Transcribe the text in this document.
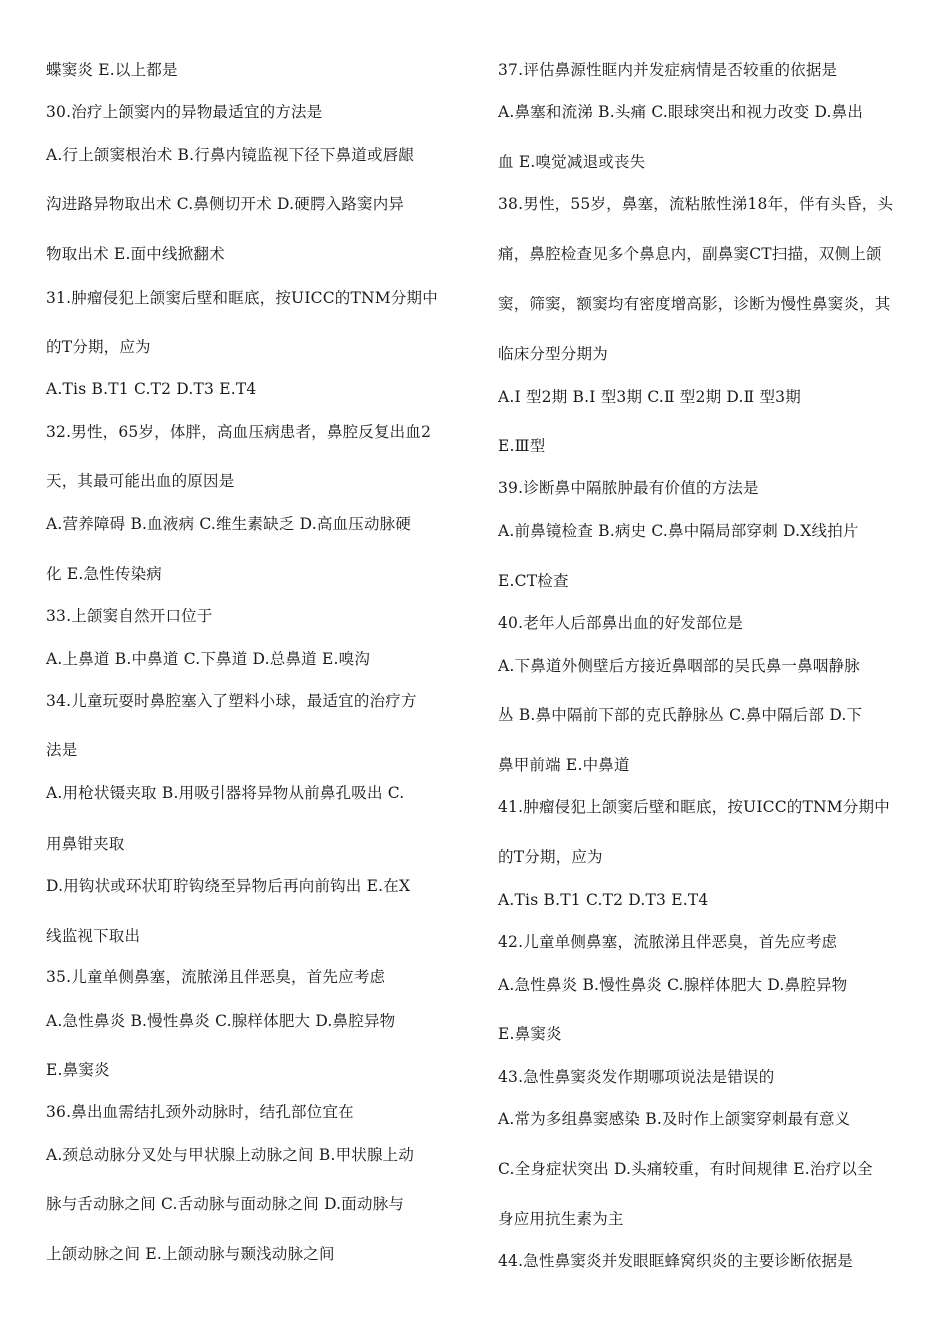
蝶窦炎 E.以上都是
30.治疗上颌窦内的异物最适宜的方法是
A.行上颌窦根治术 B.行鼻内镜监视下径下鼻道或唇龈
沟进路异物取出术 C.鼻侧切开术 D.硬腭入路窦内异
物取出术 E.面中线掀翻术
31.肿瘤侵犯上颌窦后壁和眶底，按UICC的TNM分期中
的T分期，应为
A.Tis B.T1 C.T2 D.T3 E.T4
32.男性，65岁，体胖，高血压病患者，鼻腔反复出血2
天，其最可能出血的原因是
A.营养障碍 B.血液病 C.维生素缺乏 D.高血压动脉硬
化 E.急性传染病
33.上颌窦自然开口位于
A.上鼻道 B.中鼻道 C.下鼻道 D.总鼻道 E.嗅沟
34.儿童玩耍时鼻腔塞入了塑料小球，最适宜的治疗方
法是
A.用枪状镊夹取 B.用吸引器将异物从前鼻孔吸出 C.
用鼻钳夹取
D.用钩状或环状耵聍钩绕至异物后再向前钩出 E.在X
线监视下取出
35.儿童单侧鼻塞，流脓涕且伴恶臭，首先应考虑
A.急性鼻炎 B.慢性鼻炎 C.腺样体肥大 D.鼻腔异物
E.鼻窦炎
36.鼻出血需结扎颈外动脉时，结孔部位宜在
A.颈总动脉分叉处与甲状腺上动脉之间 B.甲状腺上动
脉与舌动脉之间 C.舌动脉与面动脉之间 D.面动脉与
上颌动脉之间 E.上颌动脉与颞浅动脉之间
37.评估鼻源性眶内并发症病情是否较重的依据是
A.鼻塞和流涕 B.头痛 C.眼球突出和视力改变 D.鼻出
血 E.嗅觉减退或丧失
38.男性，55岁，鼻塞，流粘脓性涕18年，伴有头昏，头
痛，鼻腔检查见多个鼻息内，副鼻窦CT扫描，双侧上颌
窦，筛窦，额窦均有密度增高影，诊断为慢性鼻窦炎，其
临床分型分期为
A.Ⅰ 型2期 B.Ⅰ 型3期 C.Ⅱ 型2期 D.Ⅱ 型3期
E.Ⅲ型
39.诊断鼻中隔脓肿最有价值的方法是
A.前鼻镜检查 B.病史 C.鼻中隔局部穿刺 D.X线拍片
E.CT检查
40.老年人后部鼻出血的好发部位是
A.下鼻道外侧壁后方接近鼻咽部的吴氏鼻一鼻咽静脉
丛 B.鼻中隔前下部的克氏静脉丛 C.鼻中隔后部 D.下
鼻甲前端 E.中鼻道
41.肿瘤侵犯上颌窦后壁和眶底，按UICC的TNM分期中
的T分期，应为
A.Tis B.T1 C.T2 D.T3 E.T4
42.儿童单侧鼻塞，流脓涕且伴恶臭，首先应考虑
A.急性鼻炎 B.慢性鼻炎 C.腺样体肥大 D.鼻腔异物
E.鼻窦炎
43.急性鼻窦炎发作期哪项说法是错误的
A.常为多组鼻窦感染 B.及时作上颌窦穿刺最有意义
C.全身症状突出 D.头痛较重，有时间规律 E.治疗以全
身应用抗生素为主
44.急性鼻窦炎并发眼眶蜂窝织炎的主要诊断依据是
